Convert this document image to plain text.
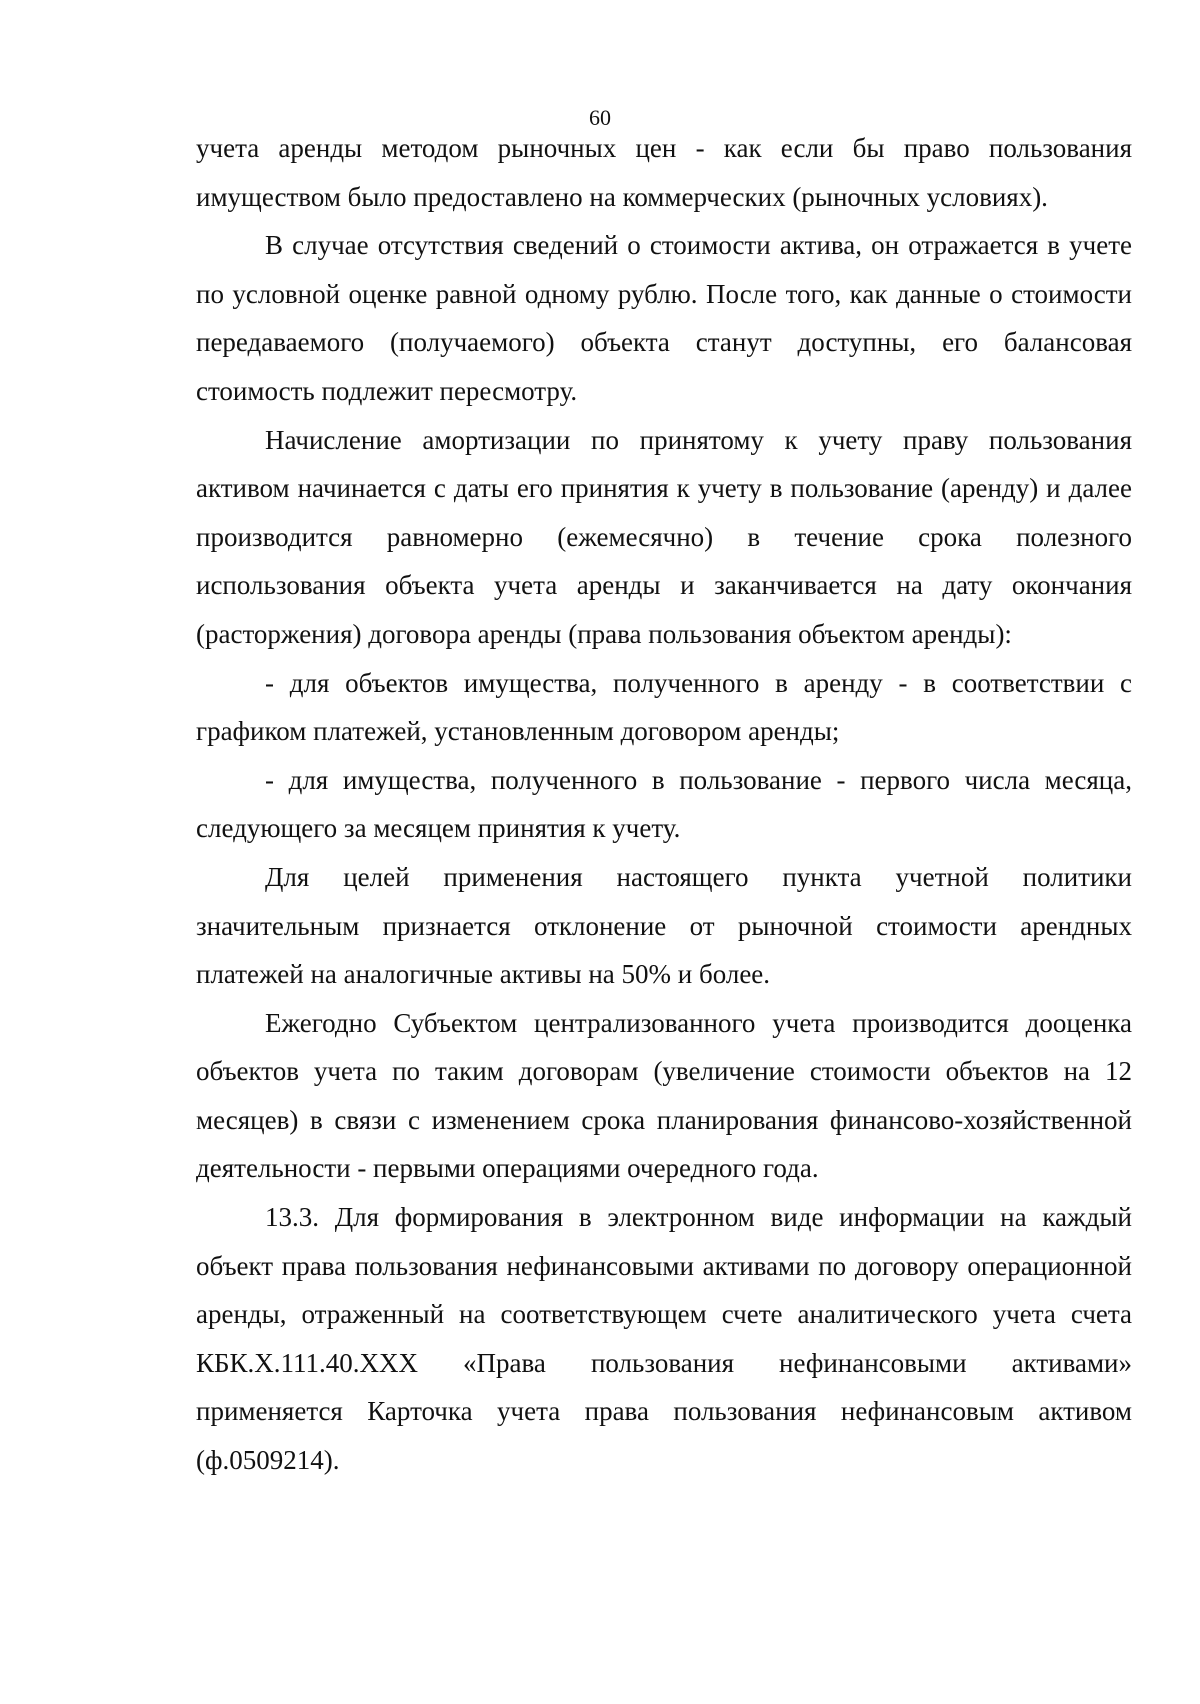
60

учета аренды методом рыночных цен - как если бы право пользования имуществом было предоставлено на коммерческих (рыночных условиях).

В случае отсутствия сведений о стоимости актива, он отражается в учете по условной оценке равной одному рублю. После того, как данные о стоимости передаваемого (получаемого) объекта станут доступны, его балансовая стоимость подлежит пересмотру.

Начисление амортизации по принятому к учету праву пользования активом начинается с даты его принятия к учету в пользование (аренду) и далее производится равномерно (ежемесячно) в течение срока полезного использования объекта учета аренды и заканчивается на дату окончания (расторжения) договора аренды (права пользования объектом аренды):

- для объектов имущества, полученного в аренду - в соответствии с графиком платежей, установленным договором аренды;

- для имущества, полученного в пользование - первого числа месяца, следующего за месяцем принятия к учету.

Для целей применения настоящего пункта учетной политики значительным признается отклонение от рыночной стоимости арендных платежей на аналогичные активы на 50% и более.

Ежегодно Субъектом централизованного учета производится дооценка объектов учета по таким договорам (увеличение стоимости объектов на 12 месяцев) в связи с изменением срока планирования финансово-хозяйственной деятельности - первыми операциями очередного года.

13.3. Для формирования в электронном виде информации на каждый объект права пользования нефинансовыми активами по договору операционной аренды, отраженный на соответствующем счете аналитического учета счета КБК.Х.111.40.ХХХ «Права пользования нефинансовыми активами» применяется Карточка учета права пользования нефинансовым активом (ф.0509214).
